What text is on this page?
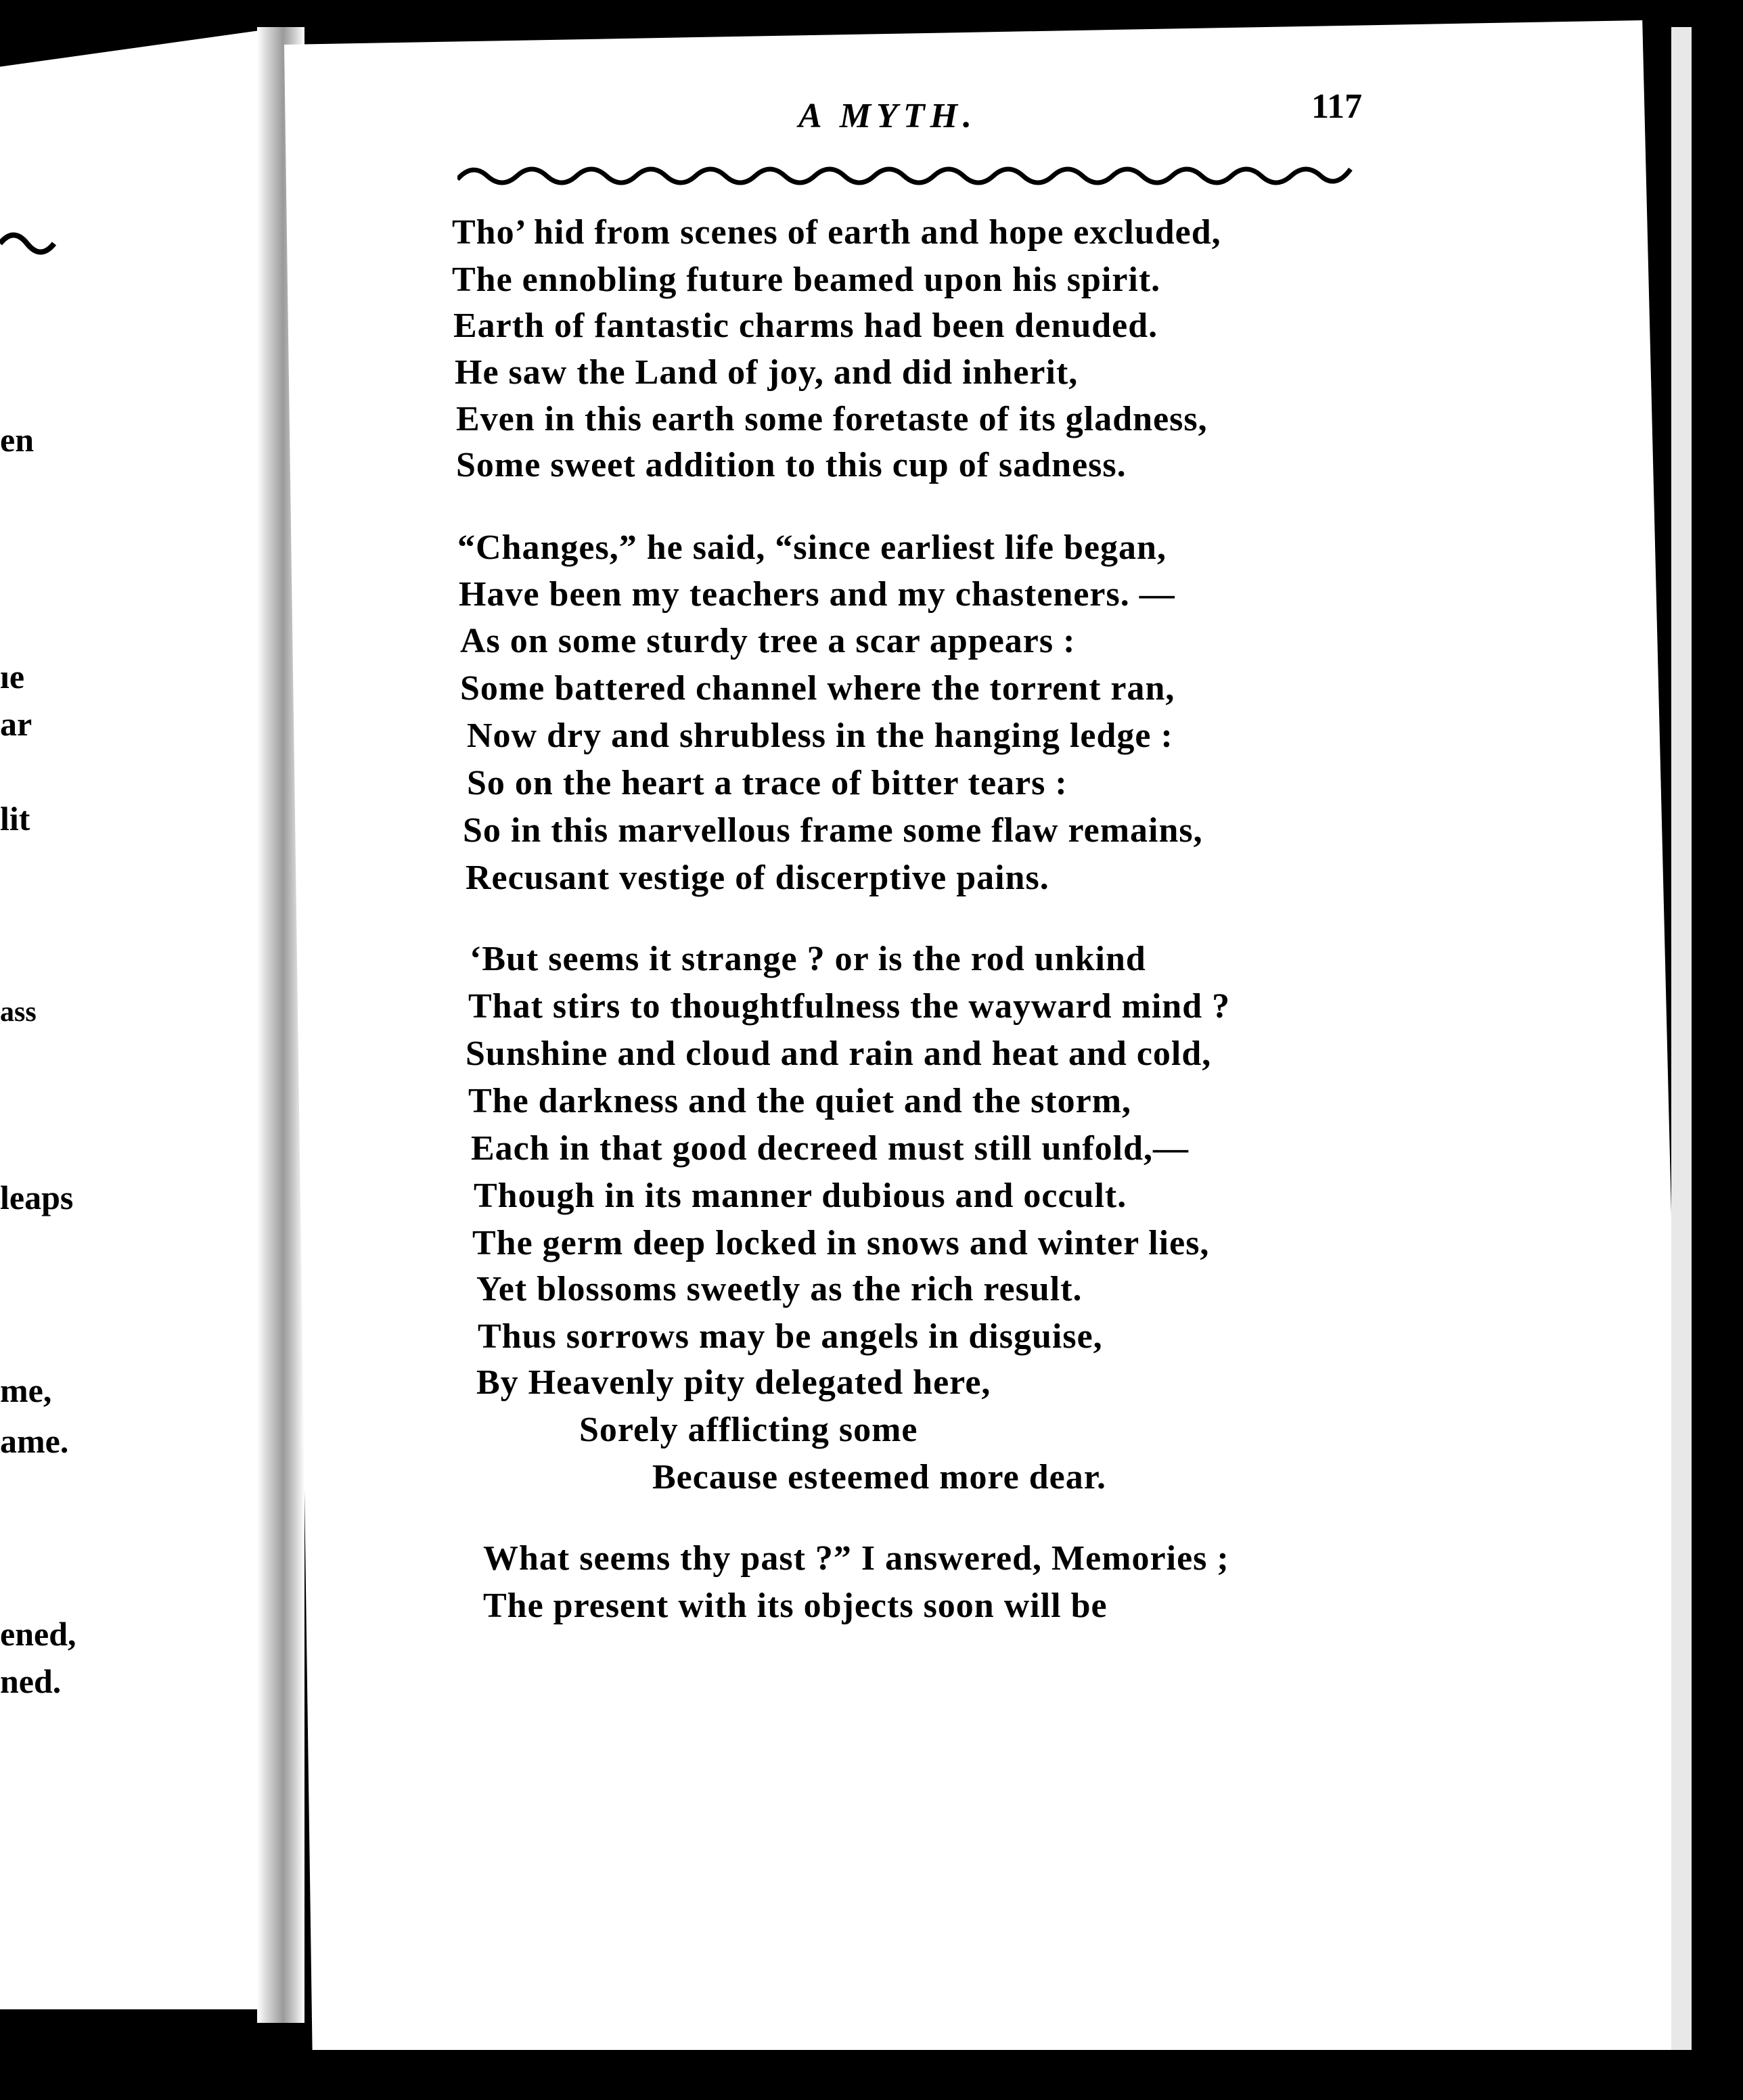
en
ıe
ar
lit
ass
leaps
me,
ame.
ened,
ned.
A MYTH.	117
Tho’ hid from scenes of earth and hope excluded,
The ennobling future beamed upon his spirit.
Earth of fantastic charms had been denuded.
He saw the Land of joy, and did inherit,
Even in this earth some foretaste of its gladness,
Some sweet addition to this cup of sadness.
“Changes,” he said, “since earliest life began,
Have been my teachers and my chasteners. —
As on some sturdy tree a scar appears :
Some battered channel where the torrent ran,
Now dry and shrubless in the hanging ledge :
So on the heart a trace of bitter tears :
So in this marvellous frame some flaw remains,
Recusant vestige of discerptive pains.
‘But seems it strange ? or is the rod unkind
That stirs to thoughtfulness the wayward mind ?
Sunshine and cloud and rain and heat and cold,
The darkness and the quiet and the storm,
Each in that good decreed must still unfold,—
Though in its manner dubious and occult.
The germ deep locked in snows and winter lies,
Yet blossoms sweetly as the rich result.
Thus sorrows may be angels in disguise,
By Heavenly pity delegated here,
Sorely afflicting some
Because esteemed more dear.
What seems thy past ?” I answered, Memories ;
The present with its objects soon will be
